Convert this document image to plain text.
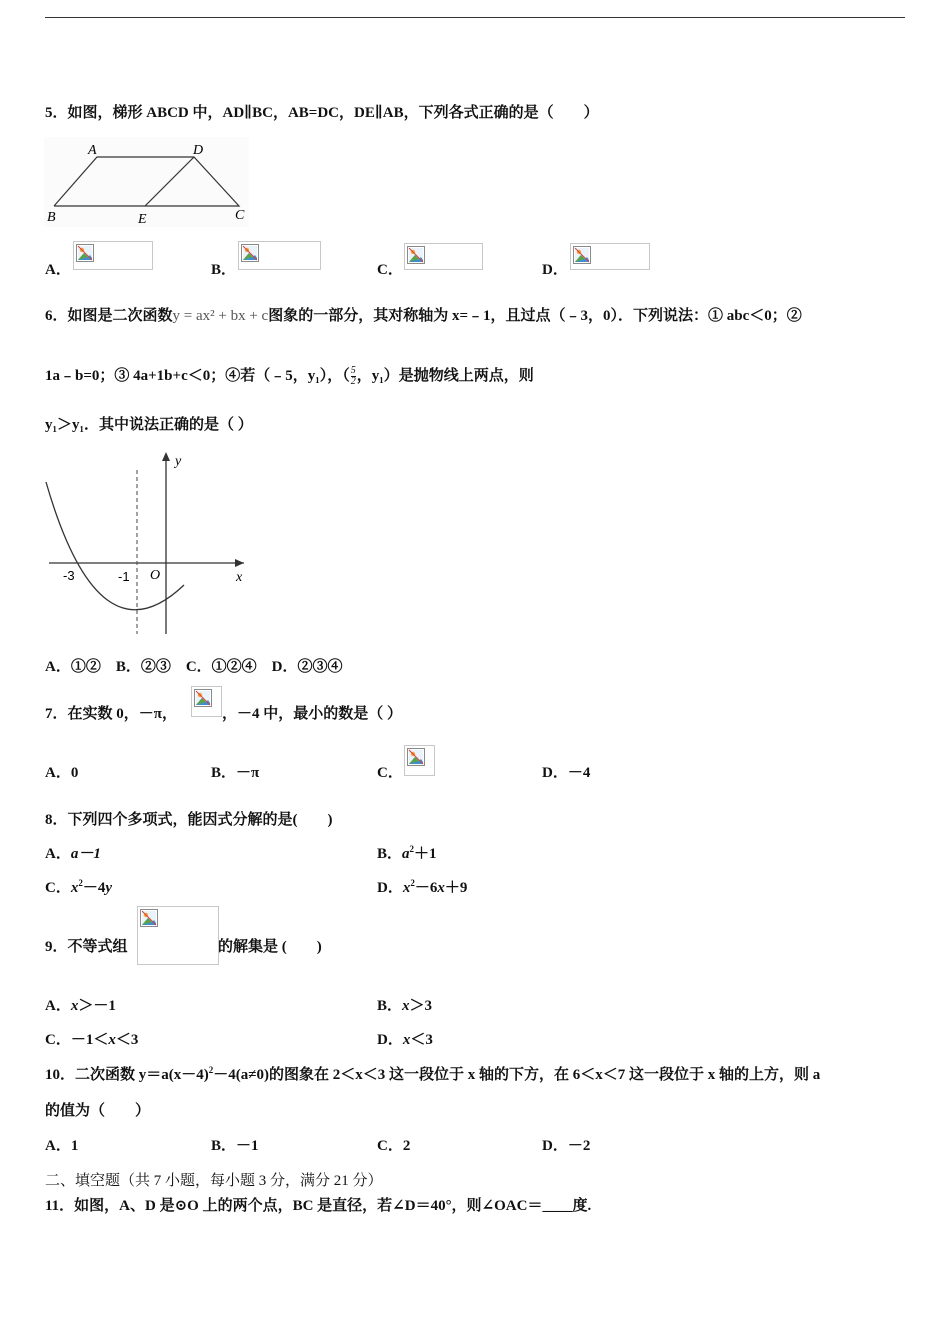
5．如图，梯形 ABCD 中，AD∥BC，AB=DC，DE∥AB，下列各式正确的是（　　）
A	D
B	E	C
A．	B．	C．	D．
6．如图是二次函数y = ax² + bx + c图象的一部分，其对称轴为 x=﹣1，且过点（﹣3，0）．下列说法：① abc＜0；②
1a﹣b=0；③ 4a+1b+c＜0；④若（﹣5，y₁），（ $\frac{5}{2}$ ，y₁）是抛物线上两点，则
y₁＞y₁．其中说法正确的是（ ）
y
x
O
-3	-1
A．①②　B．②③　C．①②④　D．②③④
7．在实数 0，－π，	，－4 中，最小的数是（ ）
A．0	B．－π	C．	D．－4
8．下列四个多项式，能因式分解的是(　　)
A．a－1	B．$a^2+1$
C．$x^2-4y$	D．$x^2-6x+9$
9．不等式组	的解集是 (　　)
A．x＞－1	B．x＞3
C．－1＜x＜3	D．x＜3
10．二次函数 $y=a(x-4)^2-4(a\ne 0)$的图象在 2＜x＜3 这一段位于 x 轴的下方，在 6＜x＜7 这一段位于 x 轴的上方，则 a
的值为（　　）
A．1	B．－1	C．2	D．－2
二、填空题（共 7 小题，每小题 3 分，满分 21 分）
11．如图，A、D 是⊙O 上的两个点，BC 是直径，若∠D＝40°，则∠OAC＝____度.
